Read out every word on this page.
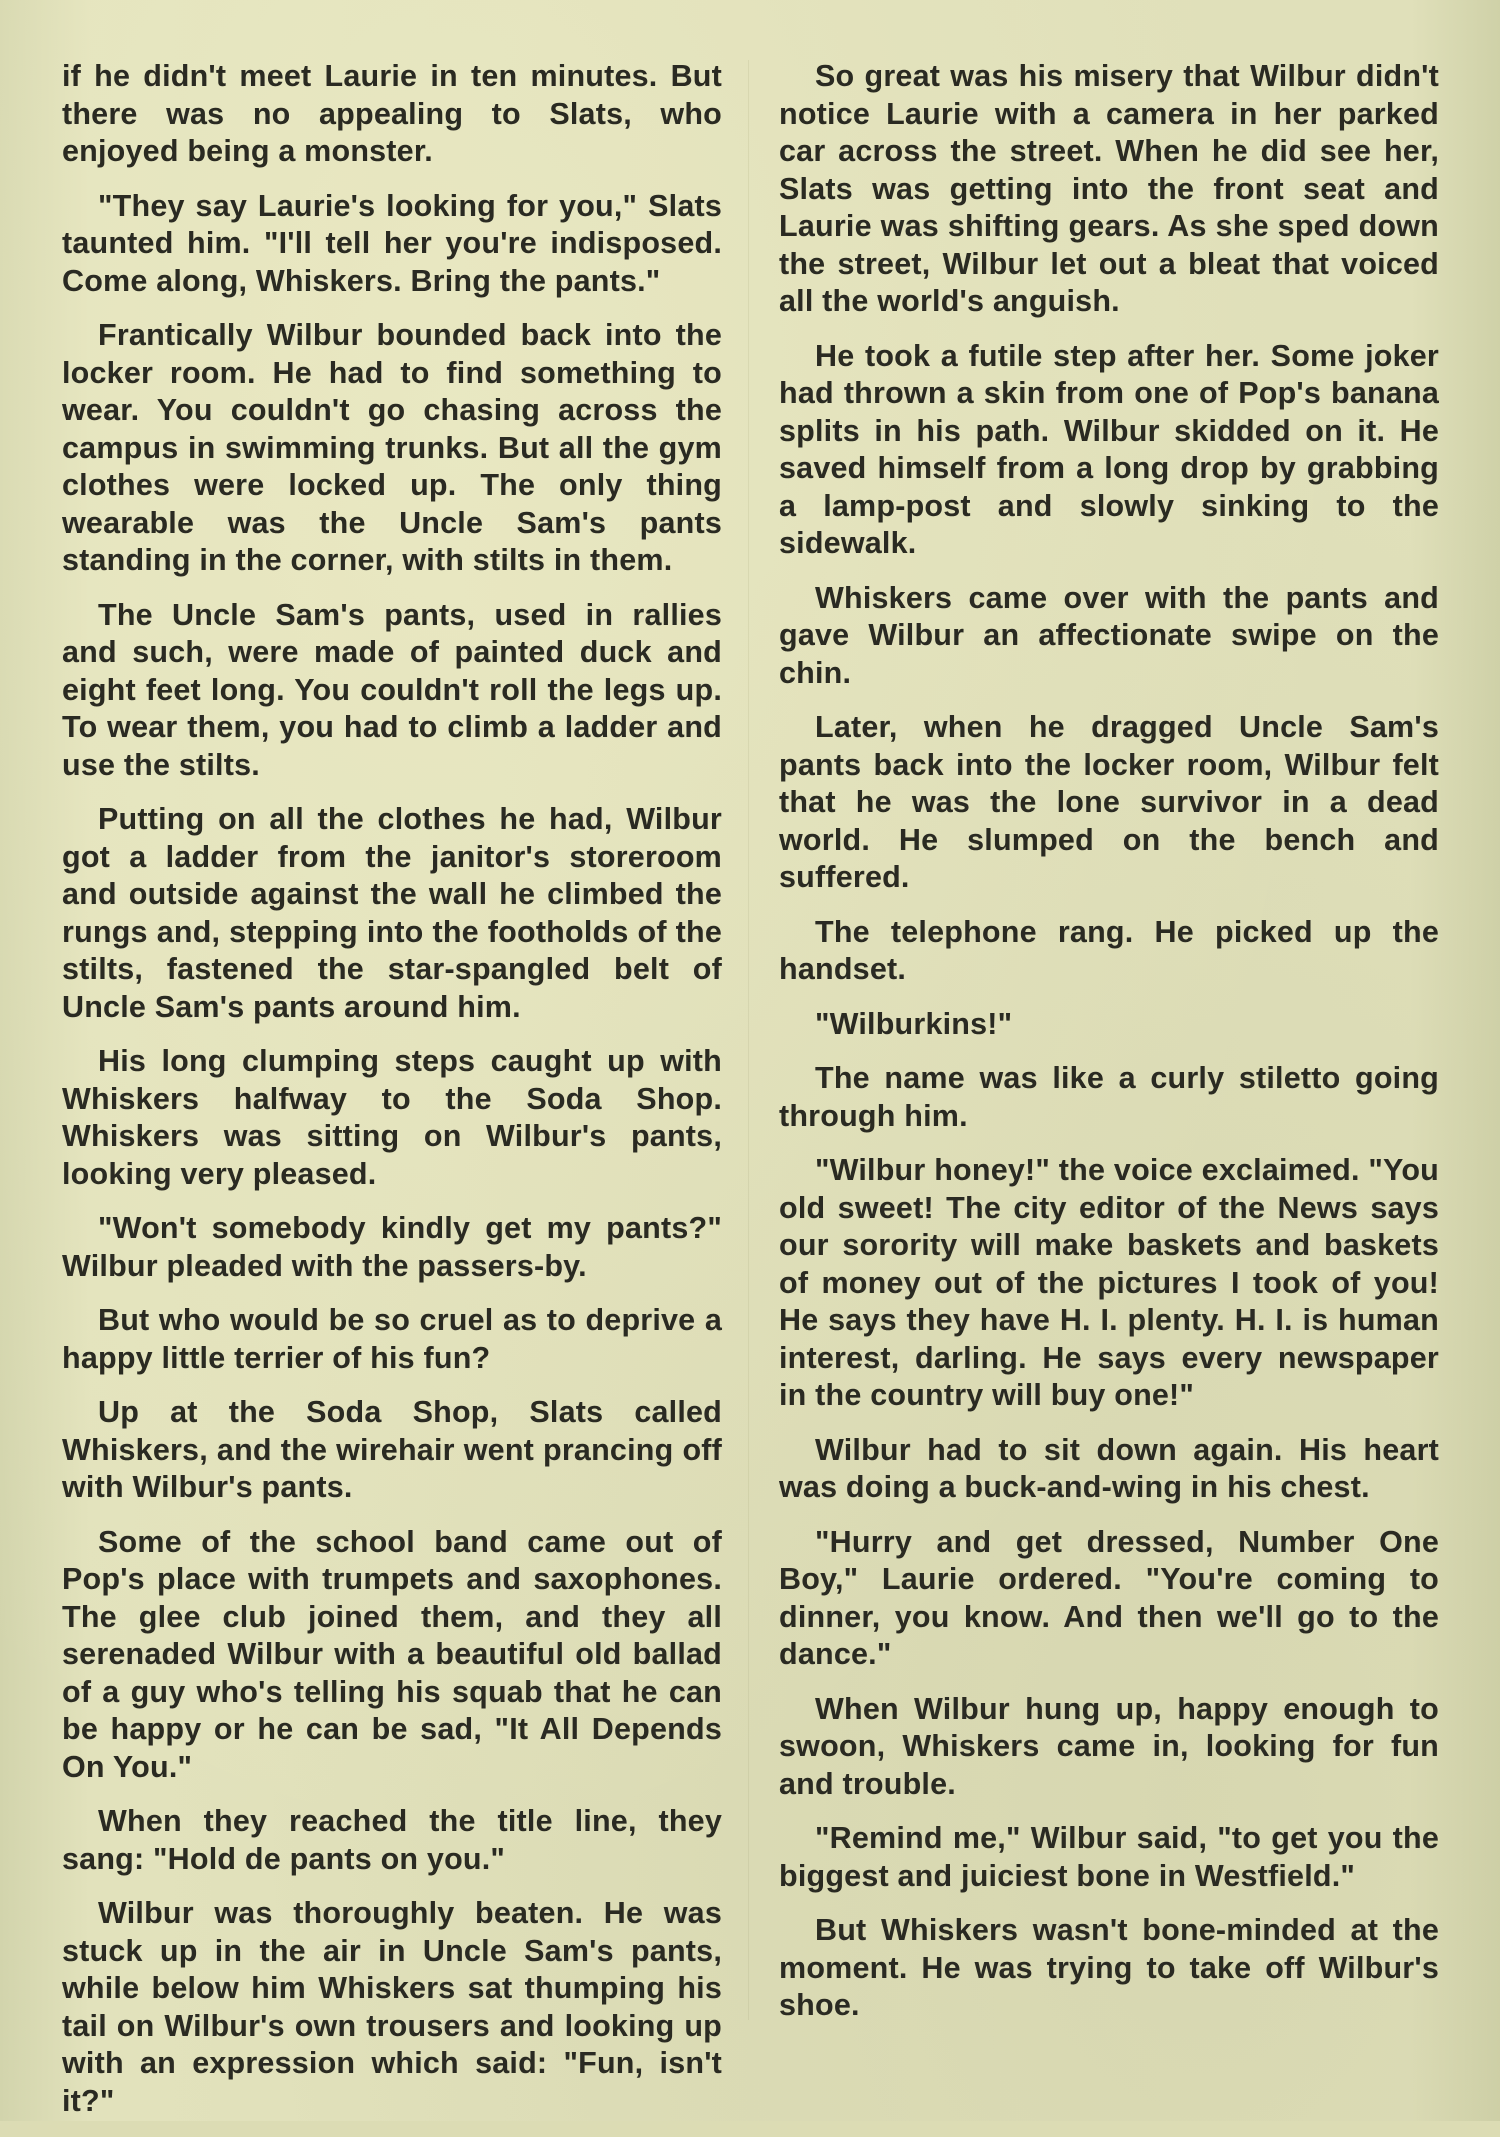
if he didn't meet Laurie in ten minutes. But there was no appealing to Slats, who enjoyed being a monster.

"They say Laurie's looking for you," Slats taunted him. "I'll tell her you're indisposed. Come along, Whiskers. Bring the pants."

Frantically Wilbur bounded back into the locker room. He had to find something to wear. You couldn't go chasing across the campus in swimming trunks. But all the gym clothes were locked up. The only thing wearable was the Uncle Sam's pants standing in the corner, with stilts in them.

The Uncle Sam's pants, used in rallies and such, were made of painted duck and eight feet long. You couldn't roll the legs up. To wear them, you had to climb a ladder and use the stilts.

Putting on all the clothes he had, Wilbur got a ladder from the janitor's storeroom and outside against the wall he climbed the rungs and, stepping into the footholds of the stilts, fastened the star-spangled belt of Uncle Sam's pants around him.

His long clumping steps caught up with Whiskers halfway to the Soda Shop. Whiskers was sitting on Wilbur's pants, looking very pleased.

"Won't somebody kindly get my pants?" Wilbur pleaded with the passers-by.

But who would be so cruel as to deprive a happy little terrier of his fun?

Up at the Soda Shop, Slats called Whiskers, and the wirehair went prancing off with Wilbur's pants.

Some of the school band came out of Pop's place with trumpets and saxophones. The glee club joined them, and they all serenaded Wilbur with a beautiful old ballad of a guy who's telling his squab that he can be happy or he can be sad, "It All Depends On You."

When they reached the title line, they sang: "Hold de pants on you."

Wilbur was thoroughly beaten. He was stuck up in the air in Uncle Sam's pants, while below him Whiskers sat thumping his tail on Wilbur's own trousers and looking up with an expression which said: "Fun, isn't it?"

So great was his misery that Wilbur didn't notice Laurie with a camera in her parked car across the street. When he did see her, Slats was getting into the front seat and Laurie was shifting gears. As she sped down the street, Wilbur let out a bleat that voiced all the world's anguish.

He took a futile step after her. Some joker had thrown a skin from one of Pop's banana splits in his path. Wilbur skidded on it. He saved himself from a long drop by grabbing a lamp-post and slowly sinking to the sidewalk.

Whiskers came over with the pants and gave Wilbur an affectionate swipe on the chin.

Later, when he dragged Uncle Sam's pants back into the locker room, Wilbur felt that he was the lone survivor in a dead world. He slumped on the bench and suffered.

The telephone rang. He picked up the handset.

"Wilburkins!"

The name was like a curly stiletto going through him.

"Wilbur honey!" the voice exclaimed. "You old sweet! The city editor of the News says our sorority will make baskets and baskets of money out of the pictures I took of you! He says they have H. I. plenty. H. I. is human interest, darling. He says every newspaper in the country will buy one!"

Wilbur had to sit down again. His heart was doing a buck-and-wing in his chest.

"Hurry and get dressed, Number One Boy," Laurie ordered. "You're coming to dinner, you know. And then we'll go to the dance."

When Wilbur hung up, happy enough to swoon, Whiskers came in, looking for fun and trouble.

"Remind me," Wilbur said, "to get you the biggest and juiciest bone in Westfield."

But Whiskers wasn't bone-minded at the moment. He was trying to take off Wilbur's shoe.
